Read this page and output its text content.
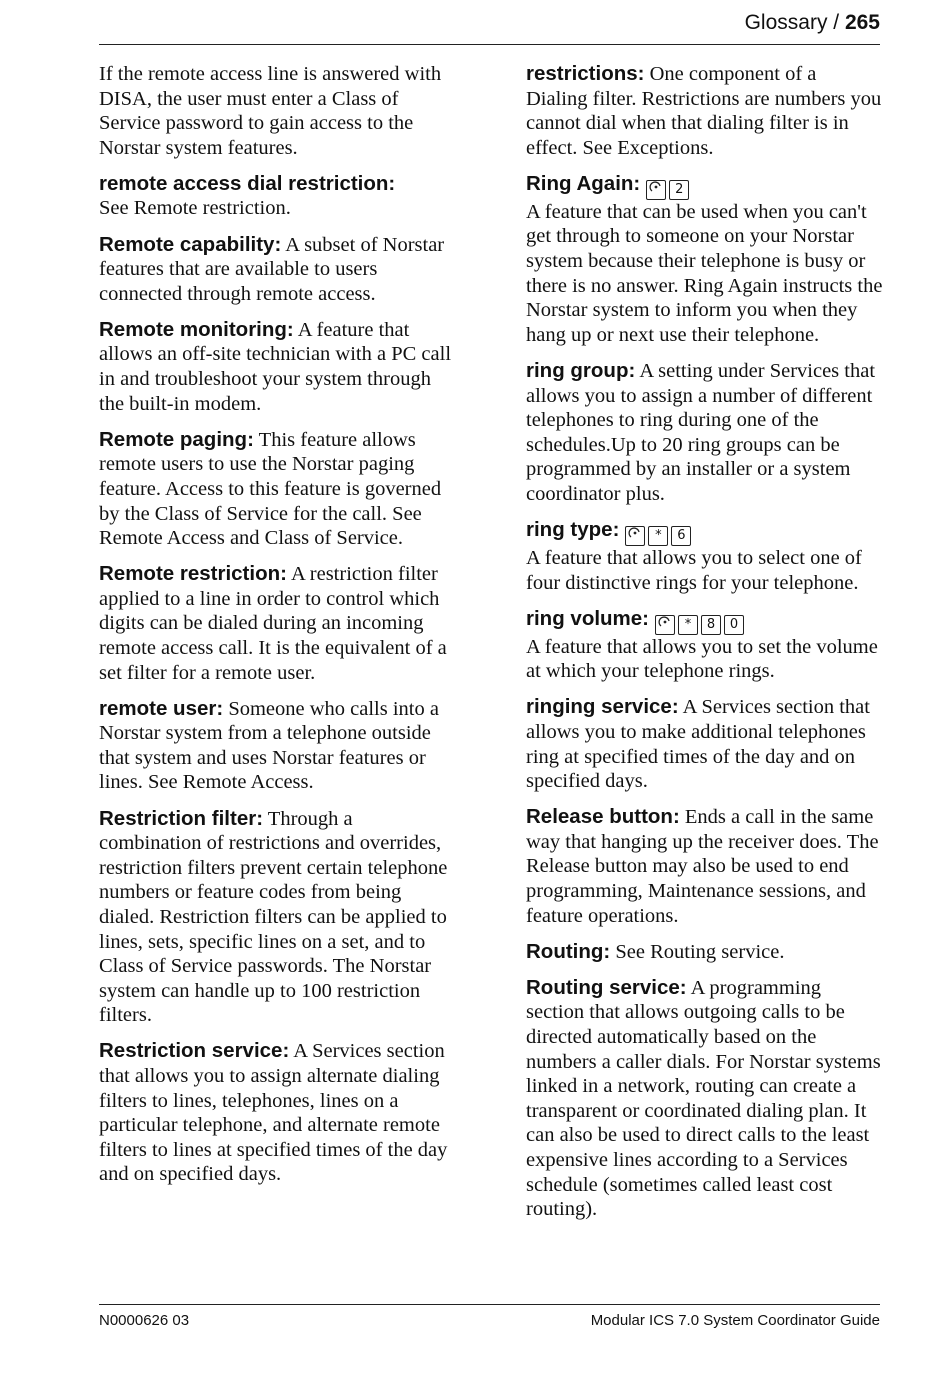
Glossary / 265

If the remote access line is answered with DISA, the user must enter a Class of Service password to gain access to the Norstar system features.

remote access dial restriction:
See Remote restriction.

Remote capability: A subset of Norstar features that are available to users connected through remote access.

Remote monitoring: A feature that allows an off-site technician with a PC call in and troubleshoot your system through the built-in modem.

Remote paging: This feature allows remote users to use the Norstar paging feature. Access to this feature is governed by the Class of Service for the call. See Remote Access and Class of Service.

Remote restriction: A restriction filter applied to a line in order to control which digits can be dialed during an incoming remote access call. It is the equivalent of a set filter for a remote user.

remote user: Someone who calls into a Norstar system from a telephone outside that system and uses Norstar features or lines. See Remote Access.

Restriction filter: Through a combination of restrictions and overrides, restriction filters prevent certain telephone numbers or feature codes from being dialed. Restriction filters can be applied to lines, sets, specific lines on a set, and to Class of Service passwords. The Norstar system can handle up to 100 restriction filters.

Restriction service: A Services section that allows you to assign alternate dialing filters to lines, telephones, lines on a particular telephone, and alternate remote filters to lines at specified times of the day and on specified days.

restrictions: One component of a Dialing filter. Restrictions are numbers you cannot dial when that dialing filter is in effect. See Exceptions.

Ring Again:	2
A feature that can be used when you can't get through to someone on your Norstar system because their telephone is busy or there is no answer. Ring Again instructs the Norstar system to inform you when they hang up or next use their telephone.

ring group: A setting under Services that allows you to assign a number of different telephones to ring during one of the schedules.Up to 20 ring groups can be programmed by an installer or a system coordinator plus.

ring type:	* 6
A feature that allows you to select one of four distinctive rings for your telephone.

ring volume:	* 8 0
A feature that allows you to set the volume at which your telephone rings.

ringing service: A Services section that allows you to make additional telephones ring at specified times of the day and on specified days.

Release button: Ends a call in the same way that hanging up the receiver does. The Release button may also be used to end programming, Maintenance sessions, and feature operations.

Routing: See Routing service.

Routing service: A programming section that allows outgoing calls to be directed automatically based on the numbers a caller dials. For Norstar systems linked in a network, routing can create a transparent or coordinated dialing plan. It can also be used to direct calls to the least expensive lines according to a Services schedule (sometimes called least cost routing).

N0000626 03	Modular ICS 7.0 System Coordinator Guide
